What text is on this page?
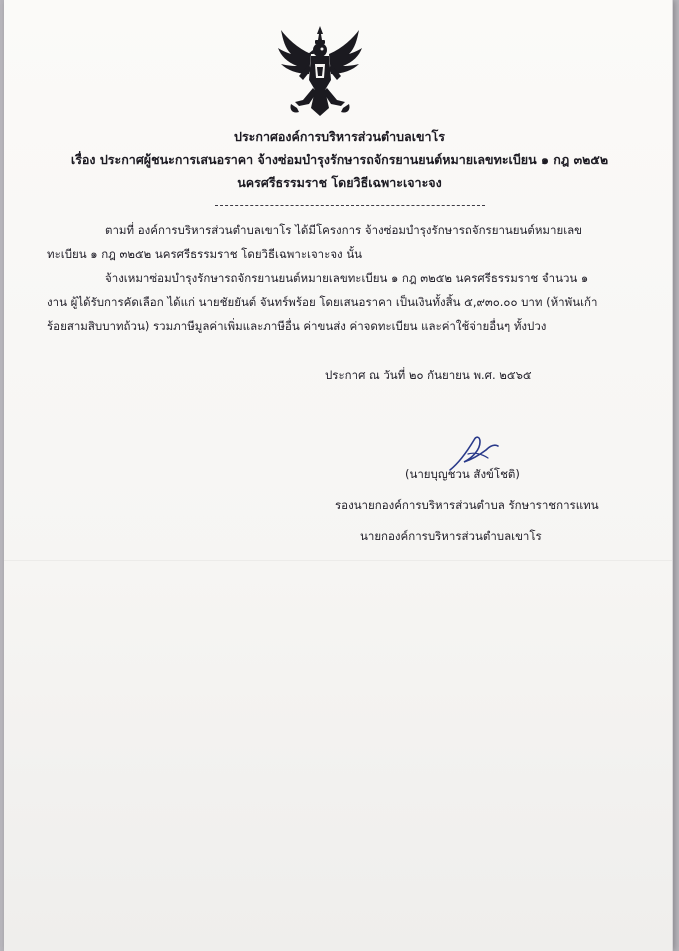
ประกาศองค์การบริหารส่วนตำบลเขาโร
เรื่อง ประกาศผู้ชนะการเสนอราคา จ้างซ่อมบำรุงรักษารถจักรยานยนต์หมายเลขทะเบียน ๑ กฎ ๓๒๕๒
นครศรีธรรมราช โดยวิธีเฉพาะเจาะจง
ตามที่ องค์การบริหารส่วนตำบลเขาโร ได้มีโครงการ จ้างซ่อมบำรุงรักษารถจักรยานยนต์หมายเลข
ทะเบียน ๑ กฎ ๓๒๕๒ นครศรีธรรมราช โดยวิธีเฉพาะเจาะจง นั้น
จ้างเหมาซ่อมบำรุงรักษารถจักรยานยนต์หมายเลขทะเบียน ๑ กฎ ๓๒๕๒ นครศรีธรรมราช จำนวน ๑
งาน ผู้ได้รับการคัดเลือก ได้แก่ นายชัยยันต์ จันทร์พร้อย โดยเสนอราคา เป็นเงินทั้งสิ้น ๕,๙๓๐.๐๐ บาท (ห้าพันเก้า
ร้อยสามสิบบาทถ้วน) รวมภาษีมูลค่าเพิ่มและภาษีอื่น ค่าขนส่ง ค่าจดทะเบียน และค่าใช้จ่ายอื่นๆ ทั้งปวง
ประกาศ ณ วันที่ ๒๐ กันยายน พ.ศ. ๒๕๖๕
(นายบุญชวน สังข์โชติ)
รองนายกองค์การบริหารส่วนตำบล รักษาราชการแทน
นายกองค์การบริหารส่วนตำบลเขาโร
